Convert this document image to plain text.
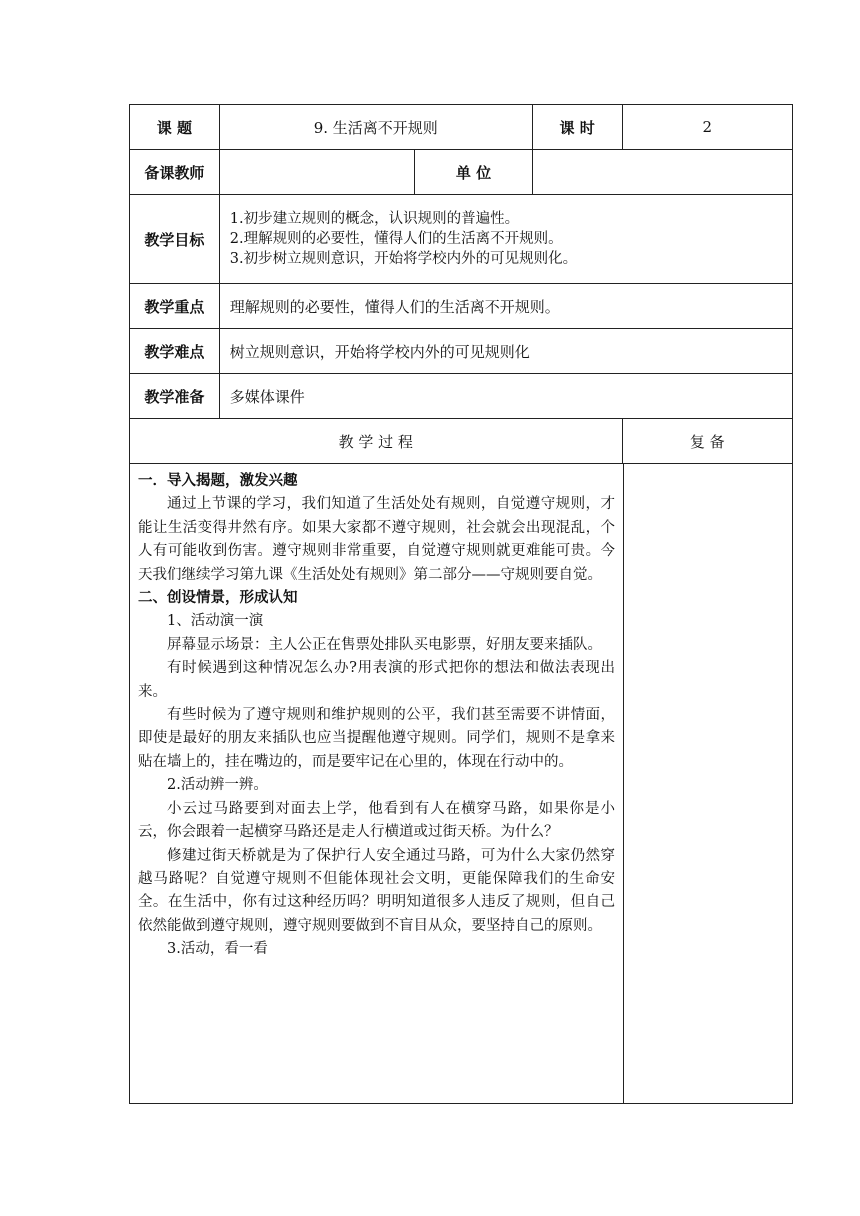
课 题	9. 生活离不开规则	课 时	2
备课教师	单 位
教学目标
1.初步建立规则的概念，认识规则的普遍性。
2.理解规则的必要性，懂得人们的生活离不开规则。
3.初步树立规则意识，开始将学校内外的可见规则化。
教学重点	理解规则的必要性，懂得人们的生活离不开规则。
教学难点	树立规则意识，开始将学校内外的可见规则化
教学准备	多媒体课件
教 学 过 程	复 备
一．导入揭题，激发兴趣

通过上节课的学习，我们知道了生活处处有规则，自觉遵守规则，才能让生活变得井然有序。如果大家都不遵守规则，社会就会出现混乱，个人有可能收到伤害。遵守规则非常重要，自觉遵守规则就更难能可贵。今天我们继续学习第九课《生活处处有规则》第二部分——守规则要自觉。

二、创设情景，形成认知

1、活动演一演

屏幕显示场景：主人公正在售票处排队买电影票，好朋友要来插队。

有时候遇到这种情况怎么办?用表演的形式把你的想法和做法表现出来。

有些时候为了遵守规则和维护规则的公平，我们甚至需要不讲情面，即使是最好的朋友来插队也应当提醒他遵守规则。同学们，规则不是拿来贴在墙上的，挂在嘴边的，而是要牢记在心里的，体现在行动中的。

2.活动辨一辨。

小云过马路要到对面去上学，他看到有人在横穿马路，如果你是小云，你会跟着一起横穿马路还是走人行横道或过街天桥。为什么？

修建过街天桥就是为了保护行人安全通过马路，可为什么大家仍然穿越马路呢？自觉遵守规则不但能体现社会文明，更能保障我们的生命安全。在生活中，你有过这种经历吗？明明知道很多人违反了规则，但自己依然能做到遵守规则，遵守规则要做到不盲目从众，要坚持自己的原则。

3.活动，看一看
